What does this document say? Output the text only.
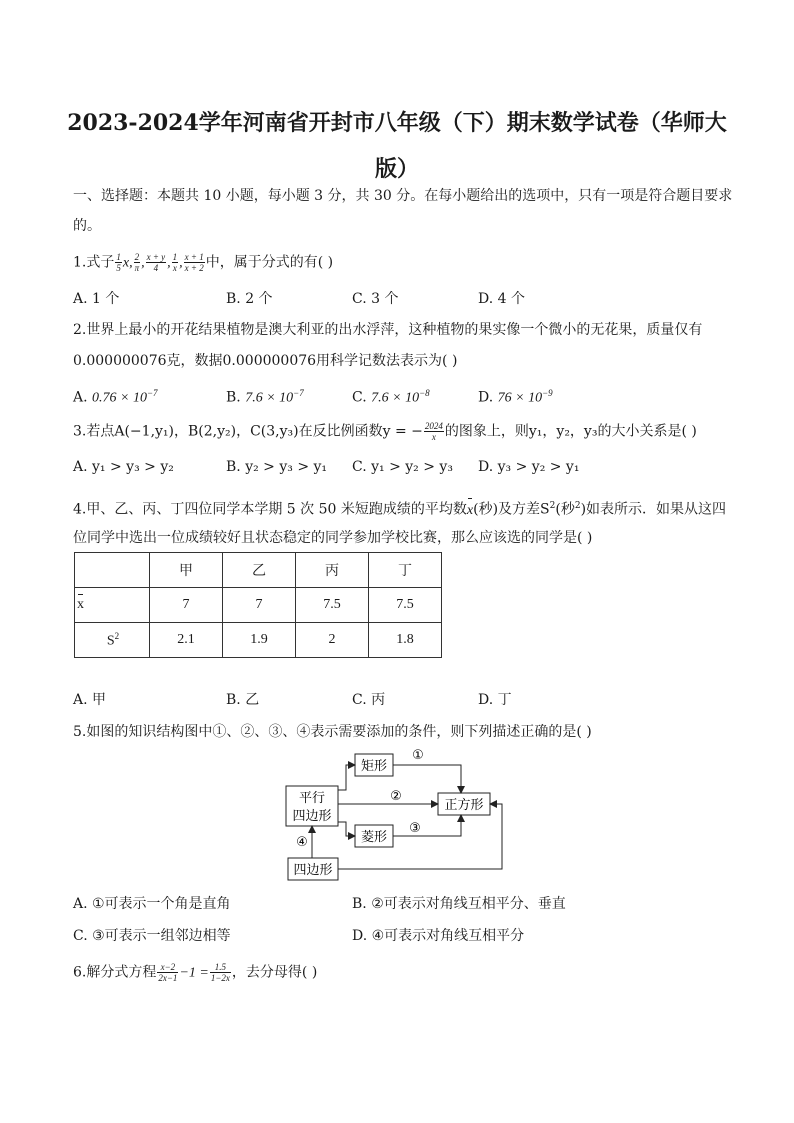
2023-2024学年河南省开封市八年级（下）期末数学试卷（华师大
版）
一、选择题：本题共 10 小题，每小题 3 分，共 30 分。在每小题给出的选项中，只有一项是符合题目要求
的。
1.式子 $\frac{1}{5} x$, $\frac{2}{\pi}$ , $\frac{x + y}{4}$ , $\frac{1}{x}$ , $\frac{x + 1}{x + 2}$ 中，属于分式的有( )
A. 1 个	B. 2 个	C. 3 个	D. 4 个
2.世界上最小的开花结果植物是澳大利亚的出水浮萍，这种植物的果实像一个微小的无花果，质量仅有
0.000000076克，数据0.000000076用科学记数法表示为( )
A. $0.76 \times 10^{-7}$	B. $7.6 \times 10^{-7}$	C. $7.6 \times 10^{-8}$	D. $76 \times 10^{-9}$
3.若点A(−1,y₁)，B(2,y₂)，C(3,y₃)在反比例函数y = − $\frac{2024}{x}$ 的图象上，则y₁，y₂，y₃的大小关系是( )
A. y₁ > y₃ > y₂	B. y₂ > y₃ > y₁ C. y₁ > y₂ > y₃ D. y₃ > y₂ > y₁
4.甲、乙、丙、丁四位同学本学期 5 次 50 米短跑成绩的平均数x(秒)及方差$S^2$(秒$^2$)如表所示．如果从这四
位同学中选出一位成绩较好且状态稳定的同学参加学校比赛，那么应该选的同学是( )
	甲	乙	丙	丁
x	7	7	7.5	7.5
$S^2$	2.1	1.9	2	1.8
A. 甲	B. 乙	C. 丙	D. 丁
5.如图的知识结构图中①、②、③、④表示需要添加的条件，则下列描述正确的是( )
平行
四边形
矩形
菱形
正方形
四边形
①
②
③
④
A. ①可表示一个角是直角	B. ②可表示对角线互相平分、垂直
C. ③可表示一组邻边相等	D. ④可表示对角线互相平分
6.解分式方程 $\frac{x-2}{2x-1} -1 = \frac{1.5}{1-2x}$ ，去分母得( )
